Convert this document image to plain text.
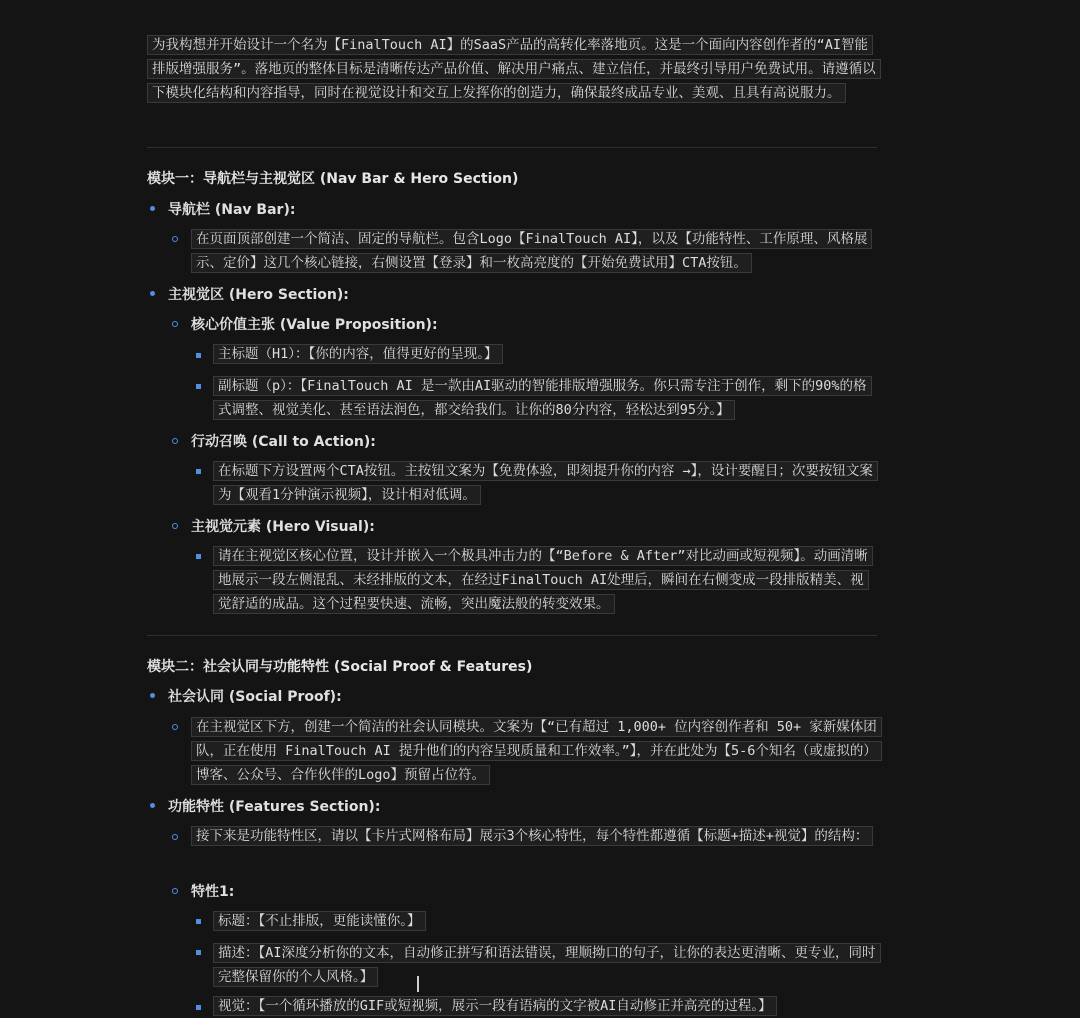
为我构想并开始设计一个名为【FinalTouch AI】的SaaS产品的高转化率落地页。这是一个面向内容创作者的“AI智能排版增强服务”。落地页的整体目标是清晰传达产品价值、解决用户痛点、建立信任，并最终引导用户免费试用。请遵循以下模块化结构和内容指导，同时在视觉设计和交互上发挥你的创造力，确保最终成品专业、美观、且具有高说服力。
模块一：导航栏与主视觉区 (Nav Bar & Hero Section)
导航栏 (Nav Bar):
在页面顶部创建一个简洁、固定的导航栏。包含Logo【FinalTouch AI】，以及【功能特性、工作原理、风格展示、定价】这几个核心链接，右侧设置【登录】和一枚高亮度的【开始免费试用】CTA按钮。
主视觉区 (Hero Section):
核心价值主张 (Value Proposition):
主标题（H1）：【你的内容，值得更好的呈现。】
副标题（p）：【FinalTouch AI 是一款由AI驱动的智能排版增强服务。你只需专注于创作，剩下的90%的格式调整、视觉美化、甚至语法润色，都交给我们。让你的80分内容，轻松达到95分。】
行动召唤 (Call to Action):
在标题下方设置两个CTA按钮。主按钮文案为【免费体验，即刻提升你的内容 →】，设计要醒目；次要按钮文案为【观看1分钟演示视频】，设计相对低调。
主视觉元素 (Hero Visual):
请在主视觉区核心位置，设计并嵌入一个极具冲击力的【“Before & After”对比动画或短视频】。动画清晰地展示一段左侧混乱、未经排版的文本，在经过FinalTouch AI处理后，瞬间在右侧变成一段排版精美、视觉舒适的成品。这个过程要快速、流畅，突出魔法般的转变效果。
模块二：社会认同与功能特性 (Social Proof & Features)
社会认同 (Social Proof):
在主视觉区下方，创建一个简洁的社会认同模块。文案为【“已有超过 1,000+ 位内容创作者和 50+ 家新媒体团队，正在使用 FinalTouch AI 提升他们的内容呈现质量和工作效率。”】，并在此处为【5-6个知名（或虚拟的）博客、公众号、合作伙伴的Logo】预留占位符。
功能特性 (Features Section):
接下来是功能特性区，请以【卡片式网格布局】展示3个核心特性，每个特性都遵循【标题+描述+视觉】的结构：
特性1:
标题：【不止排版，更能读懂你。】
描述：【AI深度分析你的文本，自动修正拼写和语法错误，理顺拗口的句子，让你的表达更清晰、更专业，同时完整保留你的个人风格。】
视觉：【一个循环播放的GIF或短视频，展示一段有语病的文字被AI自动修正并高亮的过程。】
